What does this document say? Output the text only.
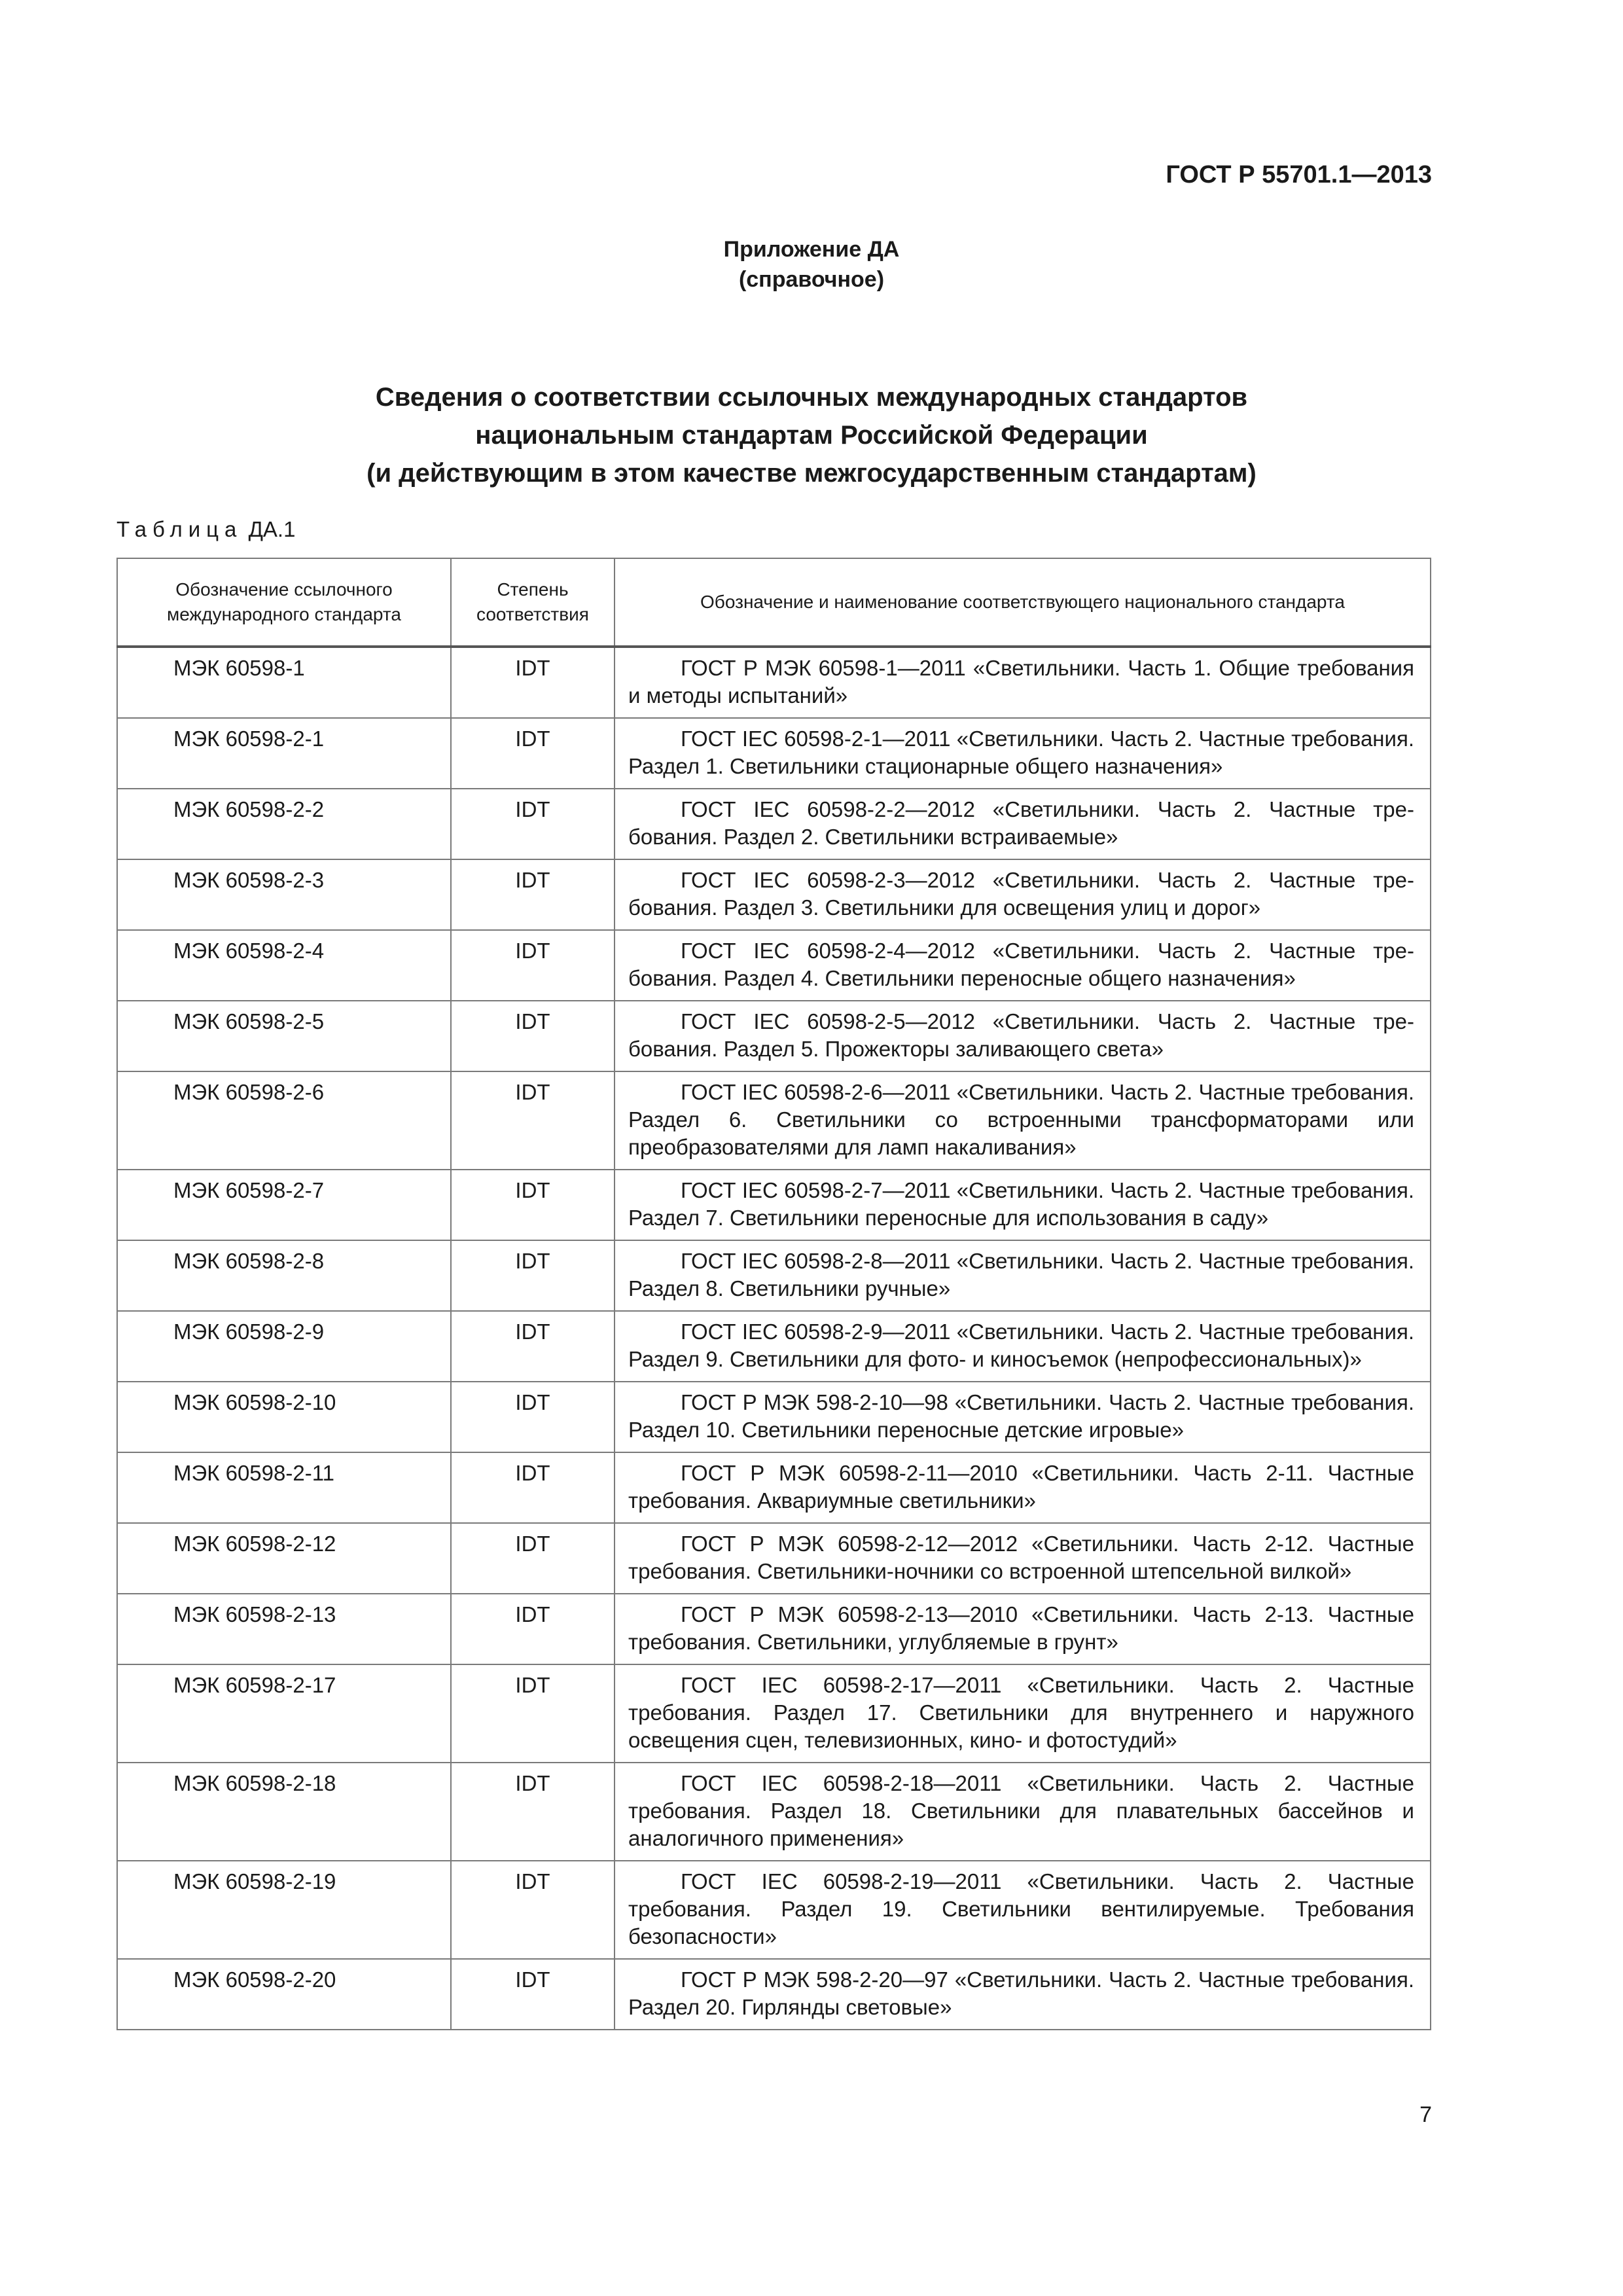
ГОСТ Р 55701.1—2013
Приложение ДА
(справочное)
Сведения о соответствии ссылочных международных стандартов
национальным стандартам Российской Федерации
(и действующим в этом качестве межгосударственным стандартам)
Таблица ДА.1
Обозначение ссылочного международного стандарта	Степень соответствия	Обозначение и наименование соответствующего национального стандарта
МЭК 60598-1	IDT	ГОСТ Р МЭК 60598-1—2011 «Светильники. Часть 1. Общие требования и методы испытаний»
МЭК 60598-2-1	IDT	ГОСТ IEC 60598-2-1—2011 «Светильники. Часть 2. Частные требования. Раздел 1. Светильники стационарные общего назначения»
МЭК 60598-2-2	IDT	ГОСТ IEC 60598-2-2—2012 «Светильники. Часть 2. Частные требования. Раздел 2. Светильники встраиваемые»
МЭК 60598-2-3	IDT	ГОСТ IEC 60598-2-3—2012 «Светильники. Часть 2. Частные требования. Раздел 3. Светильники для освещения улиц и дорог»
МЭК 60598-2-4	IDT	ГОСТ IEC 60598-2-4—2012 «Светильники. Часть 2. Частные требования. Раздел 4. Светильники переносные общего назначения»
МЭК 60598-2-5	IDT	ГОСТ IEC 60598-2-5—2012 «Светильники. Часть 2. Частные требования. Раздел 5. Прожекторы заливающего света»
МЭК 60598-2-6	IDT	ГОСТ IEC 60598-2-6—2011 «Светильники. Часть 2. Частные требования. Раздел 6. Светильники со встроенными трансформаторами или преобразователями для ламп накаливания»
МЭК 60598-2-7	IDT	ГОСТ IEC 60598-2-7—2011 «Светильники. Часть 2. Частные требования. Раздел 7. Светильники переносные для использования в саду»
МЭК 60598-2-8	IDT	ГОСТ IEC 60598-2-8—2011 «Светильники. Часть 2. Частные требования. Раздел 8. Светильники ручные»
МЭК 60598-2-9	IDT	ГОСТ IEC 60598-2-9—2011 «Светильники. Часть 2. Частные требования. Раздел 9. Светильники для фото- и киносъемок (непрофессиональных)»
МЭК 60598-2-10	IDT	ГОСТ Р МЭК 598-2-10—98 «Светильники. Часть 2. Частные требования. Раздел 10. Светильники переносные детские игровые»
МЭК 60598-2-11	IDT	ГОСТ Р МЭК 60598-2-11—2010 «Светильники. Часть 2-11. Частные требования. Аквариумные светильники»
МЭК 60598-2-12	IDT	ГОСТ Р МЭК 60598-2-12—2012 «Светильники. Часть 2-12. Частные требования. Светильники-ночники со встроенной штепсельной вилкой»
МЭК 60598-2-13	IDT	ГОСТ Р МЭК 60598-2-13—2010 «Светильники. Часть 2-13. Частные требования. Светильники, углубляемые в грунт»
МЭК 60598-2-17	IDT	ГОСТ IEC 60598-2-17—2011 «Светильники. Часть 2. Частные требования. Раздел 17. Светильники для внутреннего и наружного освещения сцен, телевизионных, кино- и фотостудий»
МЭК 60598-2-18	IDT	ГОСТ IEC 60598-2-18—2011 «Светильники. Часть 2. Частные требования. Раздел 18. Светильники для плавательных бассейнов и аналогичного применения»
МЭК 60598-2-19	IDT	ГОСТ IEC 60598-2-19—2011 «Светильники. Часть 2. Частные требования. Раздел 19. Светильники вентилируемые. Требования безопасности»
МЭК 60598-2-20	IDT	ГОСТ Р МЭК 598-2-20—97 «Светильники. Часть 2. Частные требования. Раздел 20. Гирлянды световые»
7
